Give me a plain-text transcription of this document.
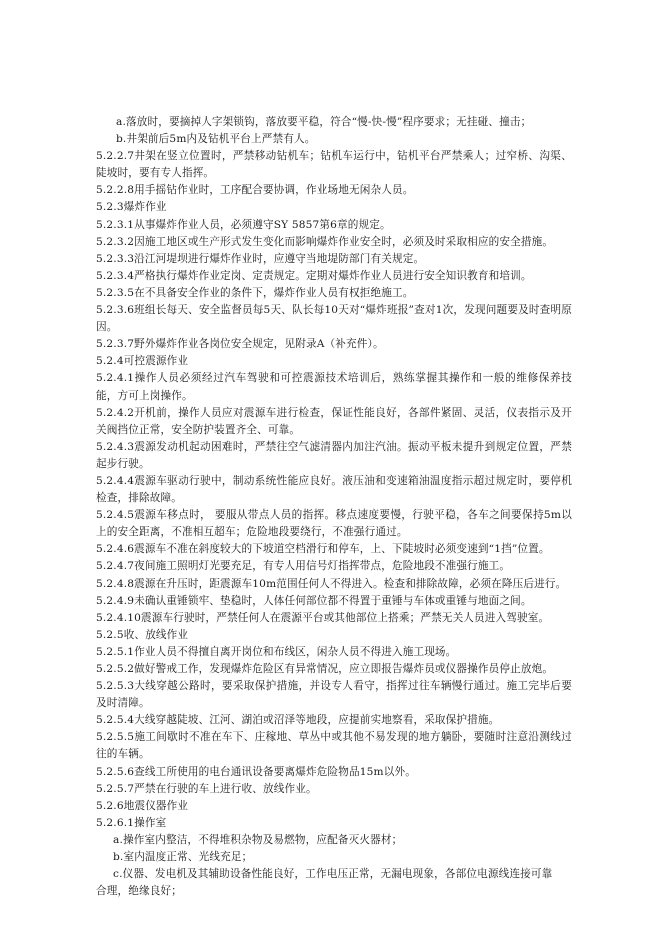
a.落放时，要摘掉人字架锁钩，落放要平稳，符合“慢-快-慢”程序要求；无挂碰、撞击；
b.井架前后5m内及钻机平台上严禁有人。
5.2.2.7井架在竖立位置时，严禁移动钻机车；钻机车运行中，钻机平台严禁乘人；过窄桥、沟渠、陡坡时，要有专人指挥。
5.2.2.8用手摇钻作业时，工序配合要协调，作业场地无闲杂人员。
5.2.3爆炸作业
5.2.3.1从事爆炸作业人员，必须遵守SY 5857第6章的规定。
5.2.3.2因施工地区或生产形式发生变化而影响爆炸作业安全时，必须及时采取相应的安全措施。
5.2.3.3沿江河堤坝进行爆炸作业时，应遵守当地堤防部门有关规定。
5.2.3.4严格执行爆炸作业定岗、定责规定。定期对爆炸作业人员进行安全知识教育和培训。
5.2.3.5在不具备安全作业的条件下，爆炸作业人员有权拒绝施工。
5.2.3.6班组长每天、安全监督员每5天、队长每10天对“爆炸班报”查对1次，发现问题要及时查明原因。
5.2.3.7野外爆炸作业各岗位安全规定，见附录A（补充件）。
5.2.4可控震源作业
5.2.4.1操作人员必须经过汽车驾驶和可控震源技术培训后，熟练掌握其操作和一般的维修保养技能，方可上岗操作。
5.2.4.2开机前，操作人员应对震源车进行检查，保证性能良好，各部件紧固、灵活，仪表指示及开关阀挡位正常，安全防护装置齐全、可靠。
5.2.4.3震源发动机起动困难时，严禁往空气滤清器内加注汽油。振动平板未提升到规定位置，严禁起步行驶。
5.2.4.4震源车驱动行驶中，制动系统性能应良好。液压油和变速箱油温度指示超过规定时，要停机检查，排除故障。
5.2.4.5震源车移点时， 要服从带点人员的指挥。移点速度要慢，行驶平稳，各车之间要保持5m以上的安全距离，不准相互超车；危险地段要绕行，不准强行通过。
5.2.4.6震源车不准在斜度较大的下坡道空档滑行和停车，上、下陡坡时必须变速到“1挡”位置。
5.2.4.7夜间施工照明灯光要充足，有专人用信号灯指挥带点，危险地段不准强行施工。
5.2.4.8震源在升压时，距震源车10m范围任何人不得进入。检查和排除故障，必须在降压后进行。
5.2.4.9未确认重锤锁牢、垫稳时，人体任何部位都不得置于重锤与车体或重锤与地面之间。
5.2.4.10震源车行驶时，严禁任何人在震源平台或其他部位上搭乘；严禁无关人员进入驾驶室。
5.2.5收、放线作业
5.2.5.1作业人员不得擅自离开岗位和布线区，闲杂人员不得进入施工现场。
5.2.5.2做好警戒工作，发现爆炸危险区有异常情况，应立即报告爆炸员或仪器操作员停止放炮。
5.2.5.3大线穿越公路时，要采取保护措施，并设专人看守，指挥过往车辆慢行通过。施工完毕后要及时清障。
5.2.5.4大线穿越陡坡、江河、湖泊或沼泽等地段，应提前实地察看，采取保护措施。
5.2.5.5施工间歇时不准在车下、庄稼地、草丛中或其他不易发现的地方躺卧，要随时注意沿测线过往的车辆。
5.2.5.6查线工所使用的电台通讯设备要离爆炸危险物品15m以外。
5.2.5.7严禁在行驶的车上进行收、放线作业。
5.2.6地震仪器作业
5.2.6.1操作室
a.操作室内整洁，不得堆积杂物及易燃物，应配备灭火器材；
b.室内温度正常、光线充足；
c.仪器、发电机及其辅助设备性能良好，工作电压正常，无漏电现象，各部位电源线连接可靠
合理，绝缘良好；
